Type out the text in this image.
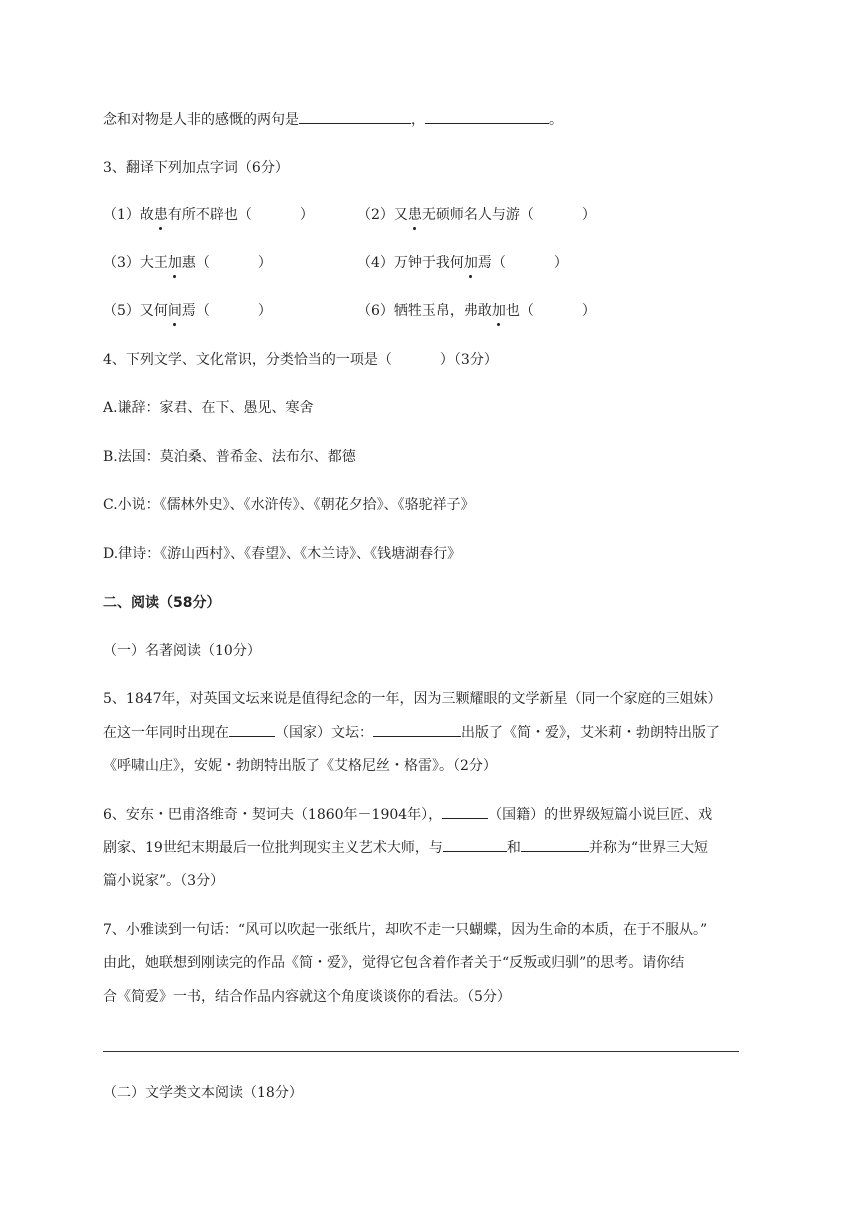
念和对物是人非的感慨的两句是	，	。
3、翻译下列加点字词（6分）
（1）故患有所不辟也（	）	（2）又患无硕师名人与游（	）
（3）大王加惠（	）	（4）万钟于我何加焉（	）
（5）又何间焉（	）	（6）牺牲玉帛，弗敢加也（	）
4、下列文学、文化常识，分类恰当的一项是（	）（3分）
A.谦辞：家君、在下、愚见、寒舍
B.法国：莫泊桑、普希金、法布尔、都德
C.小说：《儒林外史》、《水浒传》、《朝花夕拾》、《骆驼祥子》
D.律诗：《游山西村》、《春望》、《木兰诗》、《钱塘湖春行》
二、阅读（58分）
（一）名著阅读（10分）
5、1847年，对英国文坛来说是值得纪念的一年，因为三颗耀眼的文学新星（同一个家庭的三姐妹）
在这一年同时出现在	（国家）文坛：	出版了《简・爱》，艾米莉・勃朗特出版了
《呼啸山庄》，安妮・勃朗特出版了《艾格尼丝・格雷》。（2分）
6、安东・巴甫洛维奇・契诃夫（1860年－1904年），	（国籍）的世界级短篇小说巨匠、戏
剧家、19世纪末期最后一位批判现实主义艺术大师，与	和	并称为“世界三大短
篇小说家”。（3分）
7、小雅读到一句话：“风可以吹起一张纸片，却吹不走一只蝴蝶，因为生命的本质，在于不服从。”
由此，她联想到刚读完的作品《简・爱》，觉得它包含着作者关于“反叛或归驯”的思考。请你结
合《简爱》一书，结合作品内容就这个角度谈谈你的看法。（5分）
（二）文学类文本阅读（18分）
